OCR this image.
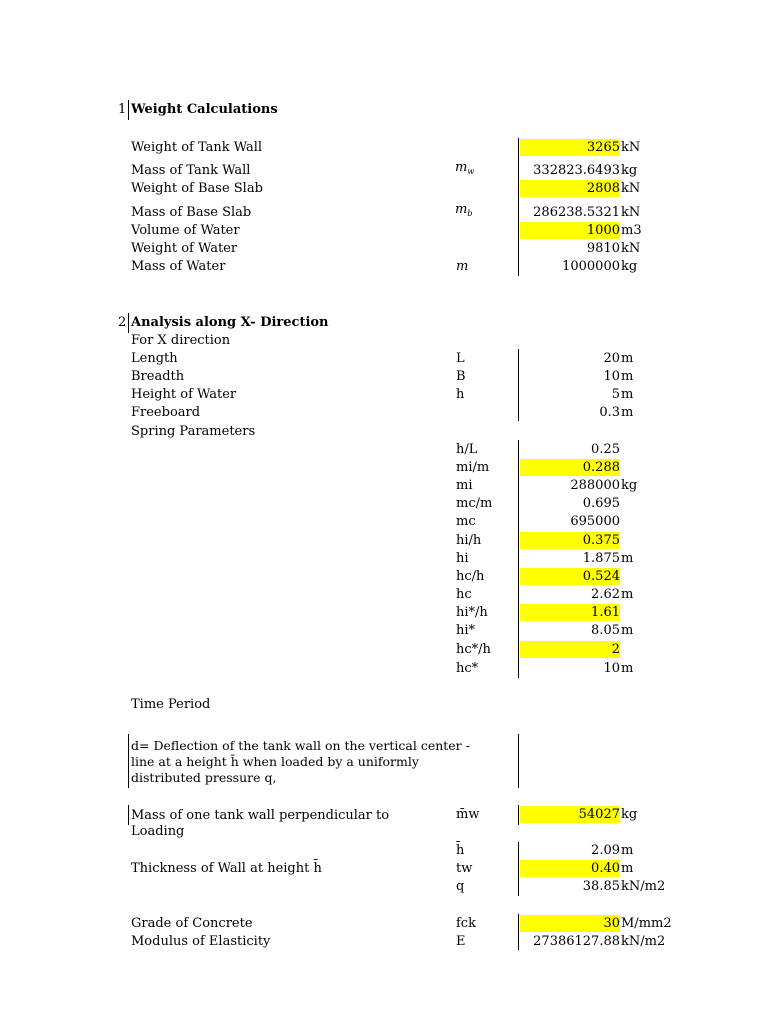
1 Weight Calculations
Weight of Tank Wall	3265 kN
Mass of Tank Wall	$m_w$	332823.6493 kg
Weight of Base Slab	2808 kN
Mass of Base Slab	$m_b$	286238.5321 kN
Volume of Water	1000 m3
Weight of Water	9810 kN
Mass of Water	m	1000000 kg
2 Analysis along X- Direction
For X direction
Length	L	20 m
Breadth	B	10 m
Height of Water	h	5 m
Freeboard	0.3 m
Spring Parameters
h/L	0.25
mi/m	0.288
mi	288000 kg
mc/m	0.695
mc	695000
hi/h	0.375
hi	1.875 m
hc/h	0.524
hc	2.62 m
hi*/h	1.61
hi*	8.05 m
hc*/h	2
hc*	10 m
Time Period
d= Deflection of the tank wall on the vertical center -line at a height h̄ when loaded by a uniformly distributed pressure q,
Mass of one tank wall perpendicular to Loading
m̄w	54027 kg
h̄	2.09 m
Thickness of Wall at height h̄	tw	0.40 m
q	38.85 kN/m2
Grade of Concrete	fck	30 M/mm2
Modulus of Elasticity	E	27386127.88 kN/m2
